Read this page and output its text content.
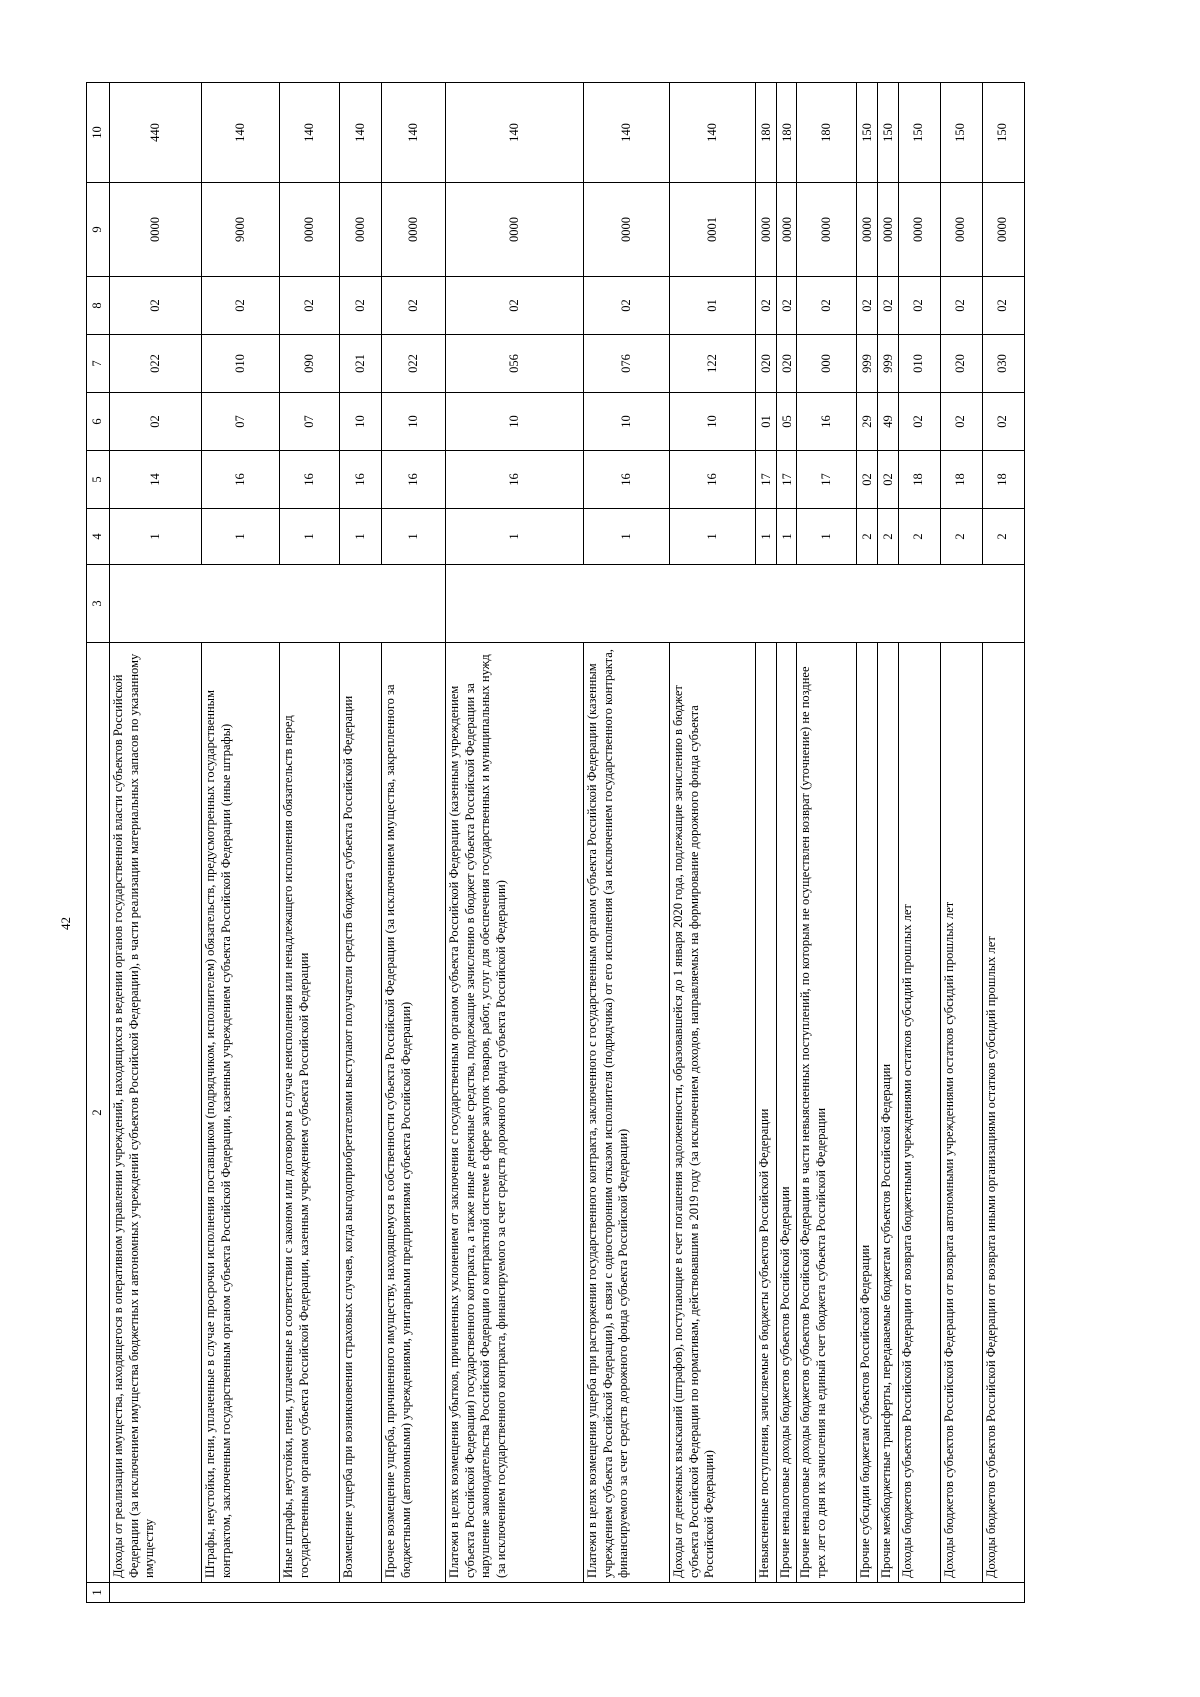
42
1	2	3	4	5	6	7	8	9	10
	Доходы от реализации имущества, находящегося в оперативном управлении учреждений, находящихся в ведении органов государственной власти субъектов Российской Федерации (за исключением имущества бюджетных и автономных учреждений субъектов Российской Федерации), в части реализации материальных запасов по указанному имуществу		1	14	02	022	02	0000	440
	Штрафы, неустойки, пени, уплаченные в случае просрочки исполнения поставщиком (подрядчиком, исполнителем) обязательств, предусмотренных государственным контрактом, заключенным государственным органом субъекта Российской Федерации, казенным учреждением субъекта Российской Федерации (иные штрафы)		1	16	07	010	02	9000	140
	Иные штрафы, неустойки, пени, уплаченные в соответствии с законом или договором в случае неисполнения или ненадлежащего исполнения обязательств перед государственным органом субъекта Российской Федерации, казенным учреждением субъекта Российской Федерации		1	16	07	090	02	0000	140
	Возмещение ущерба при возникновении страховых случаев, когда выгодоприобретателями выступают получатели средств бюджета субъекта Российской Федерации		1	16	10	021	02	0000	140
	Прочее возмещение ущерба, причиненного имуществу, находящемуся в собственности субъекта Российской Федерации (за исключением имущества, закрепленного за бюджетными (автономными) учреждениями, унитарными предприятиями субъекта Российской Федерации)		1	16	10	022	02	0000	140
	Платежи в целях возмещения убытков, причиненных уклонением от заключения с государственным органом субъекта Российской Федерации (казенным учреждением субъекта Российской Федерации) государственного контракта, а также иные денежные средства, подлежащие зачислению в бюджет субъекта Российской Федерации за нарушение законодательства Российской Федерации о контрактной системе в сфере закупок товаров, работ, услуг для обеспечения государственных и муниципальных нужд (за исключением государственного контракта, финансируемого за счет средств дорожного фонда субъекта Российской Федерации)		1	16	10	056	02	0000	140
	Платежи в целях возмещения ущерба при расторжении государственного контракта, заключенного с государственным органом субъекта Российской Федерации (казенным учреждением субъекта Российской Федерации), в связи с односторонним отказом исполнителя (подрядчика) от его исполнения (за исключением государственного контракта, финансируемого за счет средств дорожного фонда субъекта Российской Федерации)		1	16	10	076	02	0000	140
	Доходы от денежных взысканий (штрафов), поступающие в счет погашения задолженности, образовавшейся до 1 января 2020 года, подлежащие зачислению в бюджет субъекта Российской Федерации по нормативам, действовавшим в 2019 году (за исключением доходов, направляемых на формирование дорожного фонда субъекта Российской Федерации)		1	16	10	122	01	0001	140
	Невыясненные поступления, зачисляемые в бюджеты субъектов Российской Федерации		1	17	01	020	02	0000	180
	Прочие неналоговые доходы бюджетов субъектов Российской Федерации		1	17	05	020	02	0000	180
	Прочие неналоговые доходы бюджетов субъектов Российской Федерации в части невыясненных поступлений, по которым не осуществлен возврат (уточнение) не позднее трех лет со дня их зачисления на единый счет бюджета субъекта Российской Федерации		1	17	16	000	02	0000	180
	Прочие субсидии бюджетам субъектов Российской Федерации		2	02	29	999	02	0000	150
	Прочие межбюджетные трансферты, передаваемые бюджетам субъектов Российской Федерации		2	02	49	999	02	0000	150
	Доходы бюджетов субъектов Российской Федерации от возврата бюджетными учреждениями остатков субсидий прошлых лет		2	18	02	010	02	0000	150
	Доходы бюджетов субъектов Российской Федерации от возврата автономными учреждениями остатков субсидий прошлых лет		2	18	02	020	02	0000	150
	Доходы бюджетов субъектов Российской Федерации от возврата иными организациями остатков субсидий прошлых лет		2	18	02	030	02	0000	150
